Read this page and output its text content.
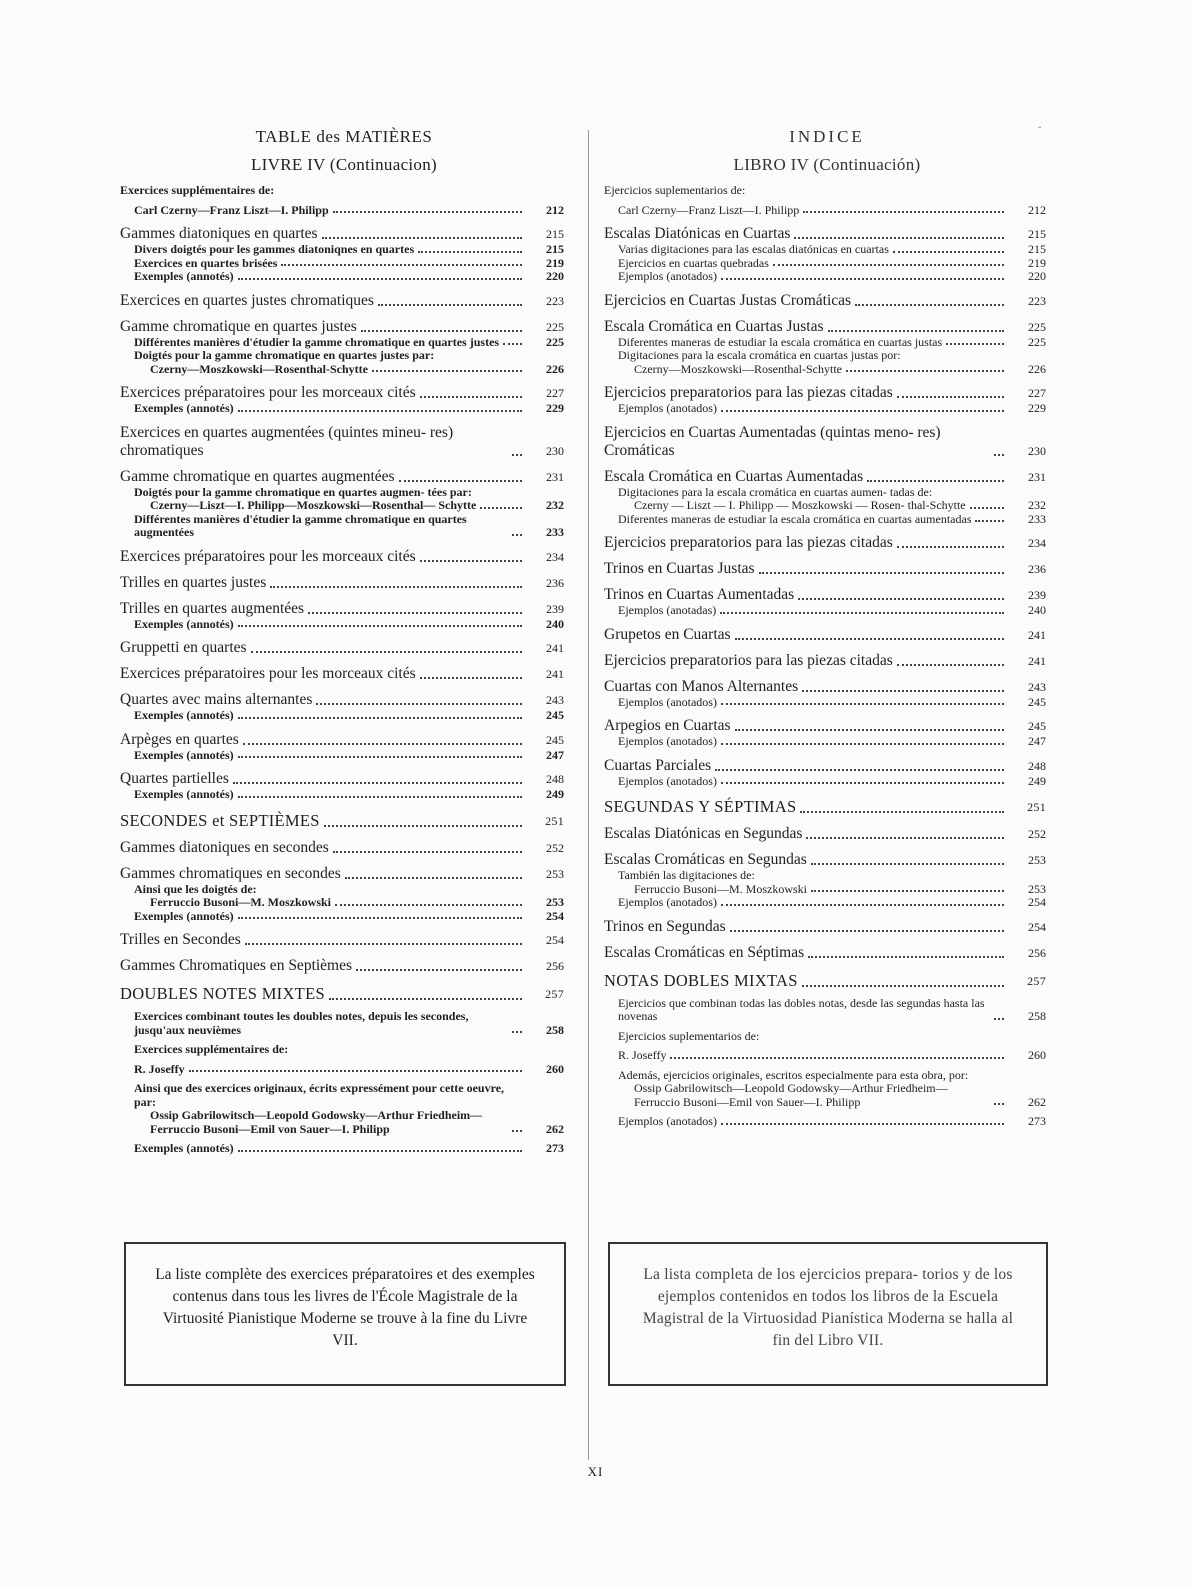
TABLE des MATIÈRES
LIVRE IV (Continuacion)
Exercices supplémentaires de:
Carl Czerny—Franz Liszt—I. Philipp	212
Gammes diatoniques en quartes	215
Divers doigtés pour les gammes diatoniqnes en quartes	215
Exercices en quartes brisées	219
Exemples (annotés)	220
Exercices en quartes justes chromatiques	223
Gamme chromatique en quartes justes	225
Différentes manières d'étudier la gamme chromatique en quartes justes	225
Doigtés pour la gamme chromatique en quartes justes par:
Czerny—Moszkowski—Rosenthal-Schytte	226
Exercices préparatoires pour les morceaux cités	227
Exemples (annotés)	229
Exercices en quartes augmentées (quintes mineu- res) chromatiques	230
Gamme chromatique en quartes augmentées	231
Doigtés pour la gamme chromatique en quartes augmen- tées par:
Czerny—Liszt—I. Philipp—Moszkowski—Rosenthal— Schytte	232
Différentes manières d'étudier la gamme chromatique en quartes augmentées	233
Exercices préparatoires pour les morceaux cités	234
Trilles en quartes justes	236
Trilles en quartes augmentées	239
Exemples (annotés)	240
Gruppetti en quartes	241
Exercices préparatoires pour les morceaux cités	241
Quartes avec mains alternantes	243
Exemples (annotés)	245
Arpèges en quartes	245
Exemples (annotés)	247
Quartes partielles	248
Exemples (annotés)	249
SECONDES et SEPTIÈMES	251
Gammes diatoniques en secondes	252
Gammes chromatiques en secondes	253
Ainsi que les doigtés de:
Ferruccio Busoni—M. Moszkowski	253
Exemples (annotés)	254
Trilles en Secondes	254
Gammes Chromatiques en Septièmes	256
DOUBLES NOTES MIXTES	257
Exercices combinant toutes les doubles notes, depuis les secondes, jusqu'aux neuvièmes	258
Exercices supplémentaires de:
R. Joseffy	260
Ainsi que des exercices originaux, écrits expressément pour cette oeuvre, par:
Ossip Gabrilowitsch—Leopold Godowsky—Arthur Friedheim—Ferruccio Busoni—Emil von Sauer—I. Philipp	262
Exemples (annotés)	273
˘
INDICE
LIBRO IV (Continuación)
Ejercicios suplementarios de:
Carl Czerny—Franz Liszt—I. Philipp	212
Escalas Diatónicas en Cuartas	215
Varias digitaciones para las escalas diatónicas en cuartas	215
Ejercicios en cuartas quebradas	219
Ejemplos (anotados)	220
Ejercicios en Cuartas Justas Cromáticas	223
Escala Cromática en Cuartas Justas	225
Diferentes maneras de estudiar la escala cromática en cuartas justas	225
Digitaciones para la escala cromática en cuartas justas por:
Czerny—Moszkowski—Rosenthal-Schytte	226
Ejercicios preparatorios para las piezas citadas	227
Ejemplos (anotados)	229
Ejercicios en Cuartas Aumentadas (quintas meno- res) Cromáticas	230
Escala Cromática en Cuartas Aumentadas	231
Digitaciones para la escala cromática en cuartas aumen- tadas de:
Czerny — Liszt — I. Philipp — Moszkowski — Rosen- thal-Schytte	232
Diferentes maneras de estudiar la escala cromática en cuartas aumentadas	233
Ejercicios preparatorios para las piezas citadas	234
Trinos en Cuartas Justas	236
Trinos en Cuartas Aumentadas	239
Ejemplos (anotadas)	240
Grupetos en Cuartas	241
Ejercicios preparatorios para las piezas citadas	241
Cuartas con Manos Alternantes	243
Ejemplos (anotados)	245
Arpegios en Cuartas	245
Ejemplos (anotados)	247
Cuartas Parciales	248
Ejemplos (anotados)	249
SEGUNDAS Y SÉPTIMAS	251
Escalas Diatónicas en Segundas	252
Escalas Cromáticas en Segundas	253
También las digitaciones de:
Ferruccio Busoni—M. Moszkowski	253
Ejemplos (anotados)	254
Trinos en Segundas	254
Escalas Cromáticas en Séptimas	256
NOTAS DOBLES MIXTAS	257
Ejercicios que combinan todas las dobles notas, desde las segundas hasta las novenas	258
Ejercicios suplementarios de:
R. Joseffy	260
Además, ejercicios originales, escritos especialmente para esta obra, por:
Ossip Gabrilowitsch—Leopold Godowsky—Arthur Friedheim—Ferruccio Busoni—Emil von Sauer—I. Philipp	262
Ejemplos (anotados)	273
La liste complète des exercices préparatoires et des exemples contenus dans tous les livres de l'École Magistrale de la Virtuosité Pianistique Moderne se trouve à la fine du Livre VII.
La lista completa de los ejercicios prepara- torios y de los ejemplos contenidos en todos los libros de la Escuela Magistral de la Virtuosidad Pianística Moderna se halla al fin del Libro VII.
XI
